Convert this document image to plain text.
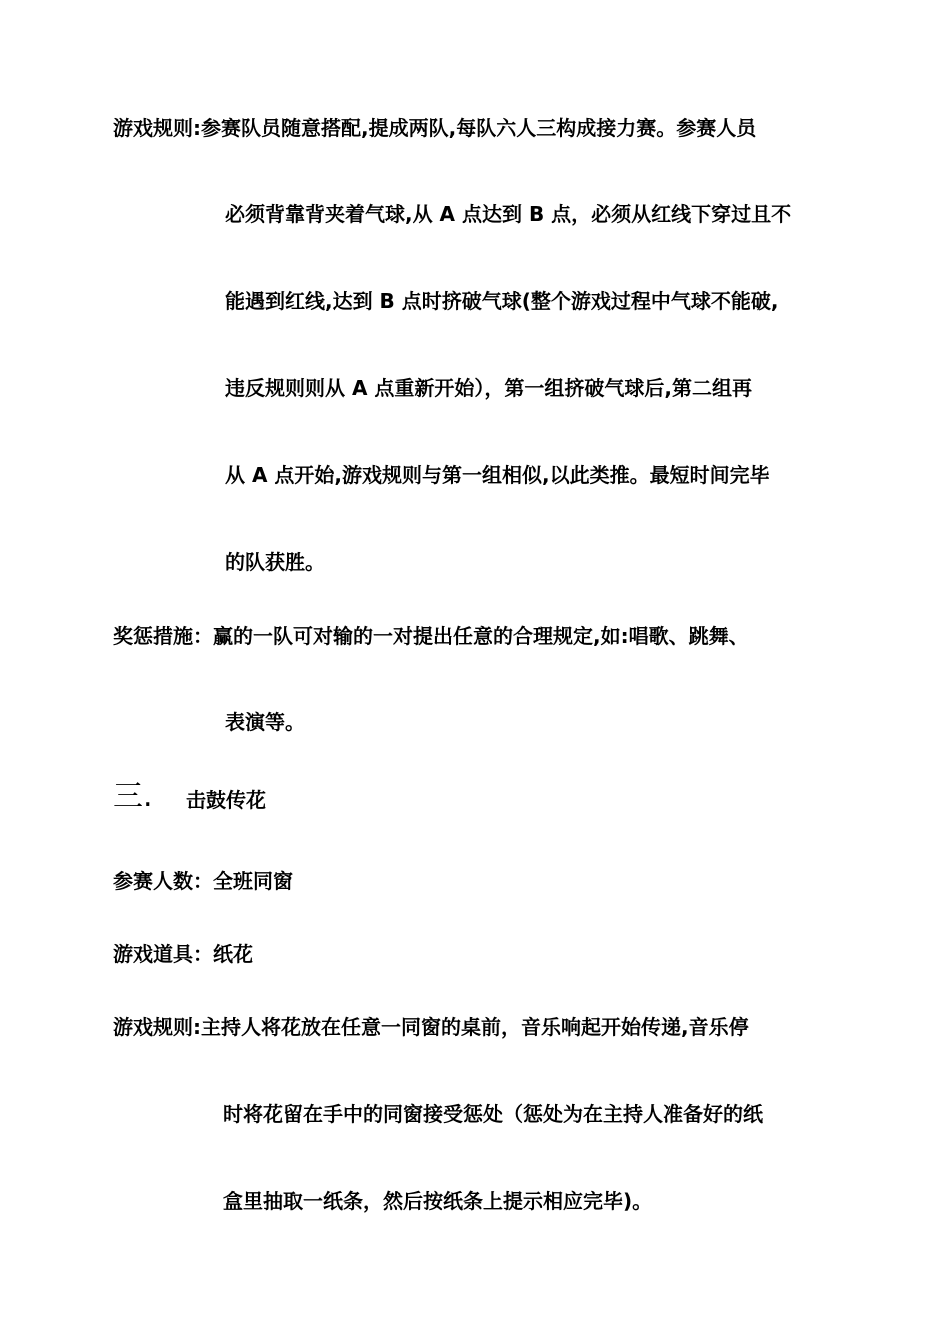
游戏规则:参赛队员随意搭配,提成两队,每队六人三构成接力赛。参赛人员
必须背靠背夹着气球,从 A 点达到 B 点，必须从红线下穿过且不
能遇到红线,达到 B 点时挤破气球(整个游戏过程中气球不能破,
违反规则则从 A 点重新开始），第一组挤破气球后,第二组再
从 A 点开始,游戏规则与第一组相似,以此类推。最短时间完毕
的队获胜。
奖惩措施：赢的一队可对输的一对提出任意的合理规定,如:唱歌、跳舞、
表演等。
三. 击鼓传花
参赛人数：全班同窗
游戏道具：纸花
游戏规则:主持人将花放在任意一同窗的桌前，音乐响起开始传递,音乐停
时将花留在手中的同窗接受惩处（惩处为在主持人准备好的纸
盒里抽取一纸条，然后按纸条上提示相应完毕)。
